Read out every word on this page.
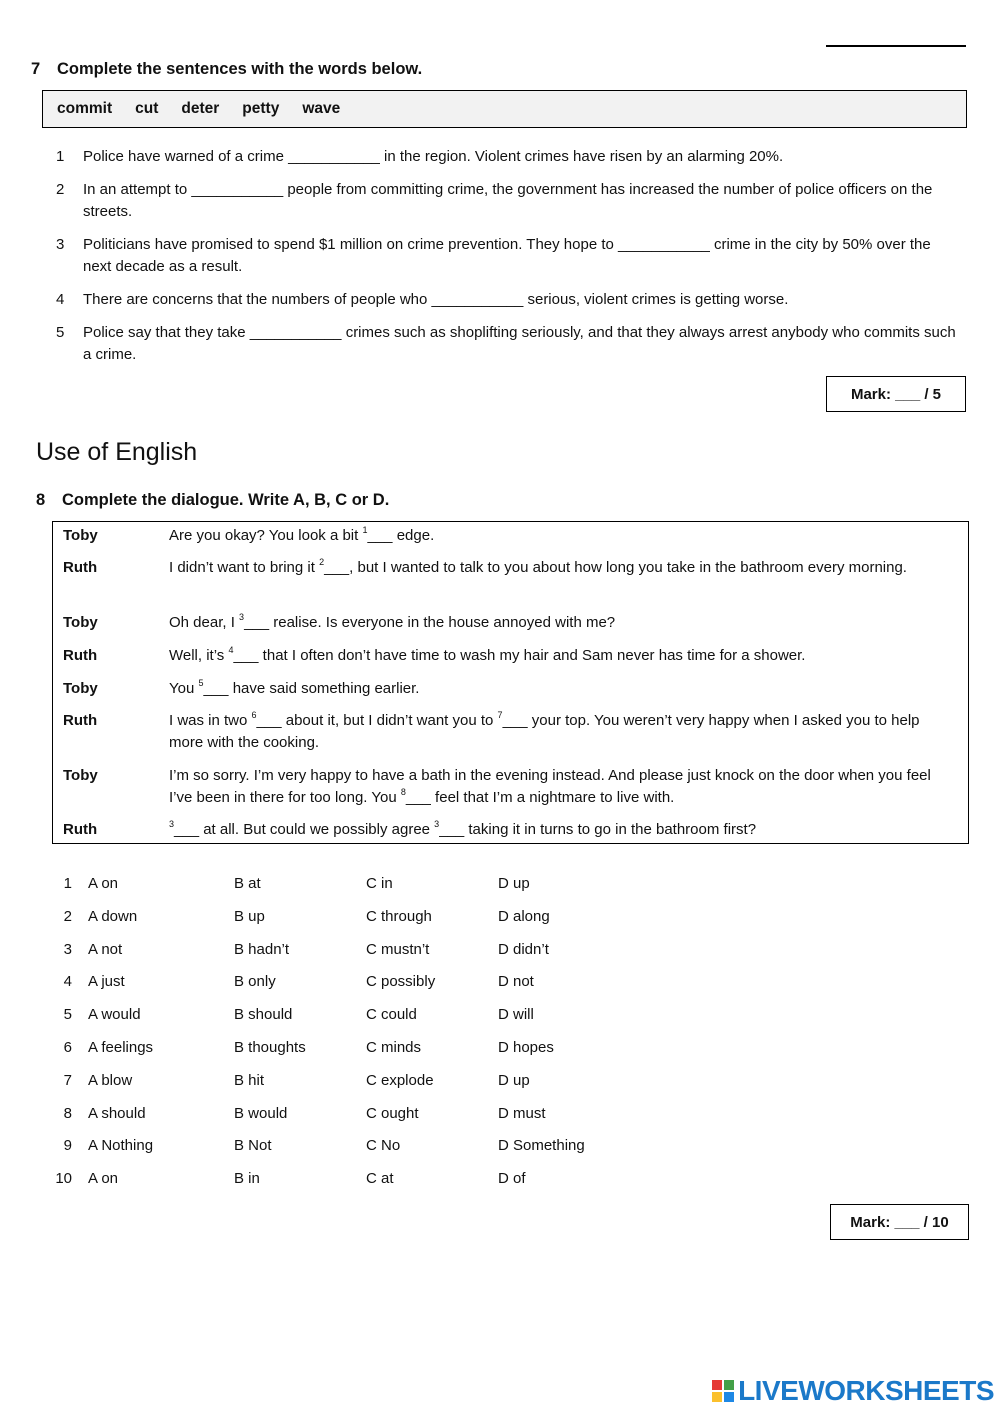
7 Complete the sentences with the words below.
commit cut deter petty wave
1	Police have warned of a crime ___________ in the region. Violent crimes have risen by an alarming 20%.
2	In an attempt to ___________ people from committing crime, the government has increased the number of police officers on the streets.
3	Politicians have promised to spend $1 million on crime prevention. They hope to ___________ crime in the city by 50% over the next decade as a result.
4	There are concerns that the numbers of people who ___________ serious, violent crimes is getting worse.
5	Police say that they take ___________ crimes such as shoplifting seriously, and that they always arrest anybody who commits such a crime.
Mark: ___ / 5
Use of English
8 Complete the dialogue. Write A, B, C or D.
Toby	Are you okay? You look a bit $^1$___ edge.
Ruth	I didn’t want to bring it $^2$___, but I wanted to talk to you about how long you take in the bathroom every morning.
Toby	Oh dear, I $^3$___ realise. Is everyone in the house annoyed with me?
Ruth	Well, it’s $^4$___ that I often don’t have time to wash my hair and Sam never has time for a shower.
Toby	You $^5$___ have said something earlier.
Ruth	I was in two $^6$___ about it, but I didn’t want you to $^7$___ your top. You weren’t very happy when I asked you to help more with the cooking.
Toby	I’m so sorry. I’m very happy to have a bath in the evening instead. And please just knock on the door when you feel I’ve been in there for too long. You $^8$___ feel that I’m a nightmare to live with.
Ruth	$^3$___ at all. But could we possibly agree $^3$___ taking it in turns to go in the bathroom first?
1 A on	B at	C in	D up
2 A down	B up	C through	D along
3 A not	B hadn’t	C mustn’t	D didn’t
4 A just	B only	C possibly	D not
5 A would	B should	C could	D will
6 A feelings	B thoughts	C minds	D hopes
7 A blow	B hit	C explode	D up
8 A should	B would	C ought	D must
9 A Nothing	B Not	C No	D Something
10 A on	B in	C at	D of
Mark: ___ / 10
LIVEWORKSHEETS
